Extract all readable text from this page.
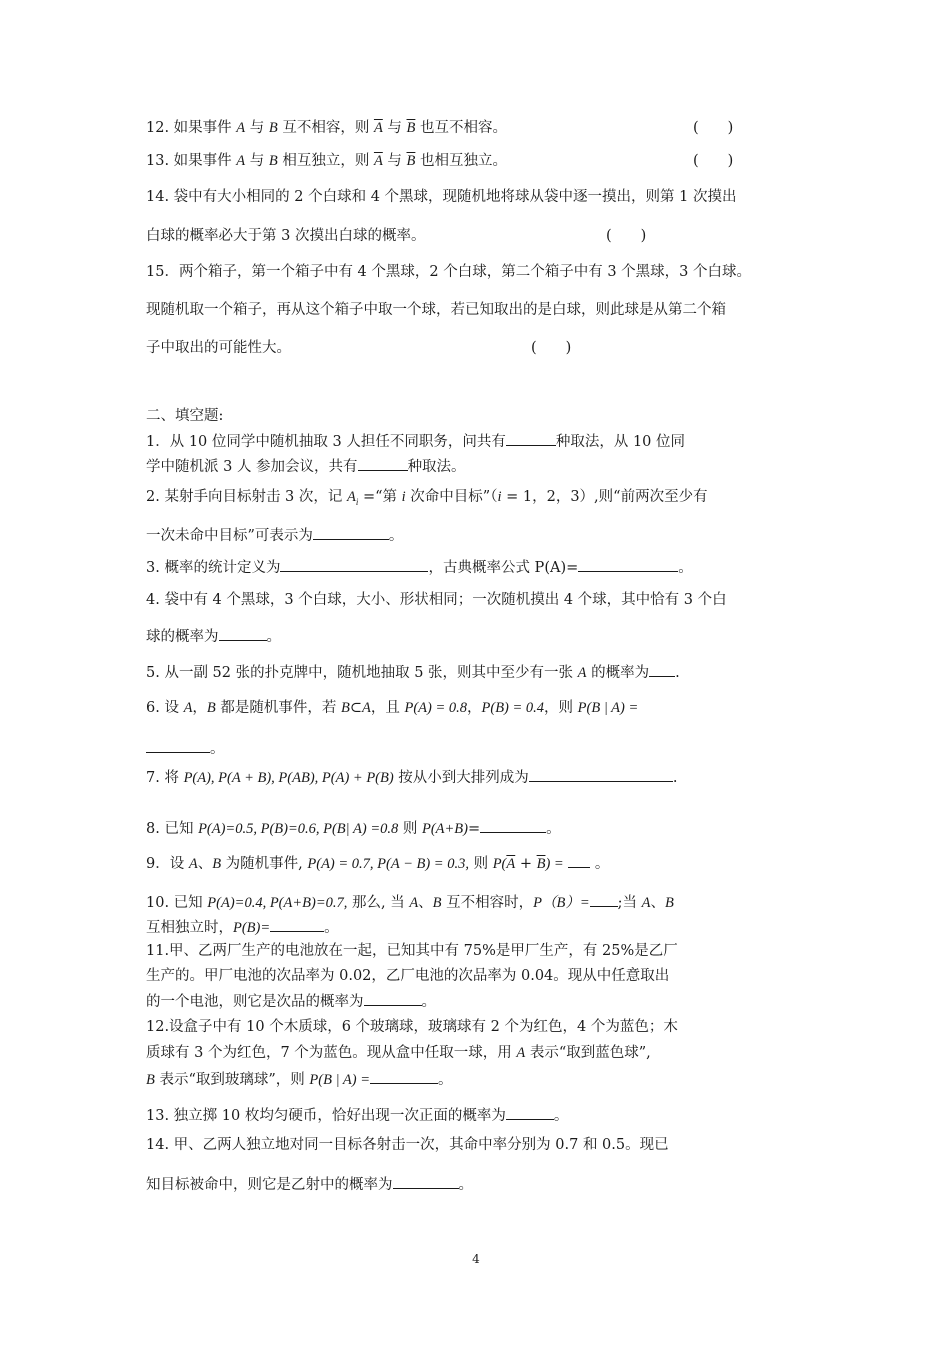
12. 如果事件 A 与 B 互不相容，则 $\overline{A}$ 与 $\overline{B}$ 也互不相容。	(　　)
13. 如果事件 A 与 B 相互独立，则 $\overline{A}$ 与 $\overline{B}$ 也相互独立。	(　　)
14. 袋中有大小相同的 2 个白球和 4 个黑球，现随机地将球从袋中逐一摸出，则第 1 次摸出
白球的概率必大于第 3 次摸出白球的概率。	(　　)
15．两个箱子，第一个箱子中有 4 个黑球，2 个白球，第二个箱子中有 3 个黑球，3 个白球。
现随机取一个箱子，再从这个箱子中取一个球，若已知取出的是白球，则此球是从第二个箱
子中取出的可能性大。	(　　)
二、填空题:
1．从 10 位同学中随机抽取 3 人担任不同职务，问共有	种取法，从 10 位同
学中随机派 3 人 参加会议，共有	种取法。
2. 某射手向目标射击 3 次，记 $A_i$ =“第 i 次命中目标”（i = 1，2，3）,则“前两次至少有
一次未命中目标”可表示为	。
3. 概率的统计定义为	，古典概率公式 P(A)=	。
4. 袋中有 4 个黑球，3 个白球，大小、形状相同；一次随机摸出 4 个球，其中恰有 3 个白
球的概率为	。
5. 从一副 52 张的扑克牌中，随机地抽取 5 张，则其中至少有一张 A 的概率为 .
6. 设 A，B 都是随机事件，若 B⊂A，且 P(A) = 0.8，P(B) = 0.4，则 P(B | A) =
。
7. 将 P(A), P(A + B), P(AB), P(A) + P(B) 按从小到大排列成为	.
8. 已知 P(A)=0.5, P(B)=0.6, P(B| A) =0.8 则 P(A+B)=	。
9．设 A、B 为随机事件, P(A) = 0.7, P(A − B) = 0.3, 则 $P(\overline{A} + \overline{B})$ =  。
10. 已知 P(A)=0.4, P(A+B)=0.7, 那么, 当 A、B 互不相容时，P（B）= ;当 A、B
互相独立时，P(B)=	。
11.甲、乙两厂生产的电池放在一起，已知其中有 75%是甲厂生产，有 25%是乙厂
生产的。甲厂电池的次品率为 0.02，乙厂电池的次品率为 0.04。现从中任意取出
的一个电池，则它是次品的概率为	。
12.设盒子中有 10 个木质球，6 个玻璃球，玻璃球有 2 个为红色，4 个为蓝色；木
质球有 3 个为红色，7 个为蓝色。现从盒中任取一球，用 A 表示“取到蓝色球”,
B 表示“取到玻璃球”，则 P(B | A) =	。
13. 独立掷 10 枚均匀硬币，恰好出现一次正面的概率为	。
14. 甲、乙两人独立地对同一目标各射击一次，其命中率分别为 0.7 和 0.5。现已
知目标被命中，则它是乙射中的概率为	。
4
